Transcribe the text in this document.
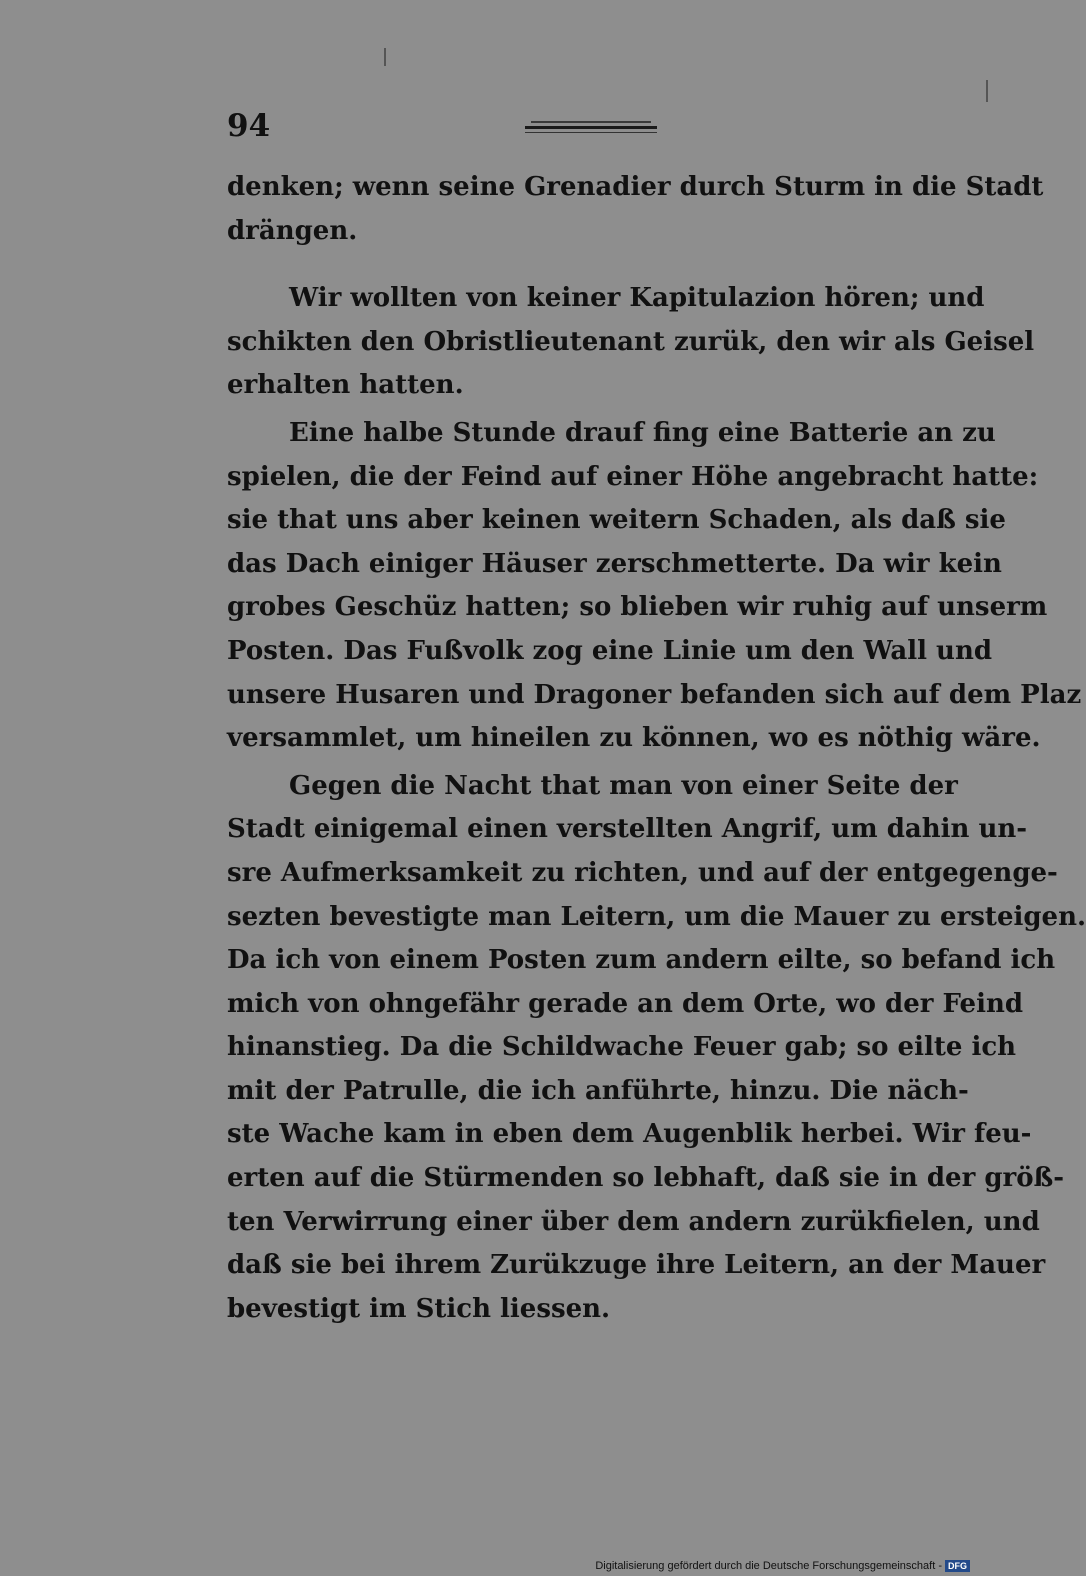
94
denken; wenn seine Grenadier durch Sturm in die Stadt
drängen.
Wir wollten von keiner Kapitulazion hören; und
schikten den Obristlieutenant zurük, den wir als Geisel
erhalten hatten.
Eine halbe Stunde drauf fing eine Batterie an zu
spielen, die der Feind auf einer Höhe angebracht hatte:
sie that uns aber keinen weitern Schaden, als daß sie
das Dach einiger Häuser zerschmetterte. Da wir kein
grobes Geschüz hatten; so blieben wir ruhig auf unserm
Posten. Das Fußvolk zog eine Linie um den Wall und
unsere Husaren und Dragoner befanden sich auf dem Plaz
versammlet, um hineilen zu können, wo es nöthig wäre.
Gegen die Nacht that man von einer Seite der
Stadt einigemal einen verstellten Angrif, um dahin un-
sre Aufmerksamkeit zu richten, und auf der entgegenge-
sezten bevestigte man Leitern, um die Mauer zu ersteigen.
Da ich von einem Posten zum andern eilte, so befand ich
mich von ohngefähr gerade an dem Orte, wo der Feind
hinanstieg. Da die Schildwache Feuer gab; so eilte ich
mit der Patrulle, die ich anführte, hinzu. Die näch-
ste Wache kam in eben dem Augenblik herbei. Wir feu-
erten auf die Stürmenden so lebhaft, daß sie in der größ-
ten Verwirrung einer über dem andern zurükfielen, und
daß sie bei ihrem Zurükzuge ihre Leitern, an der Mauer
bevestigt im Stich liessen.
Digitalisierung gefördert durch die Deutsche Forschungsgemeinschaft - DFG
